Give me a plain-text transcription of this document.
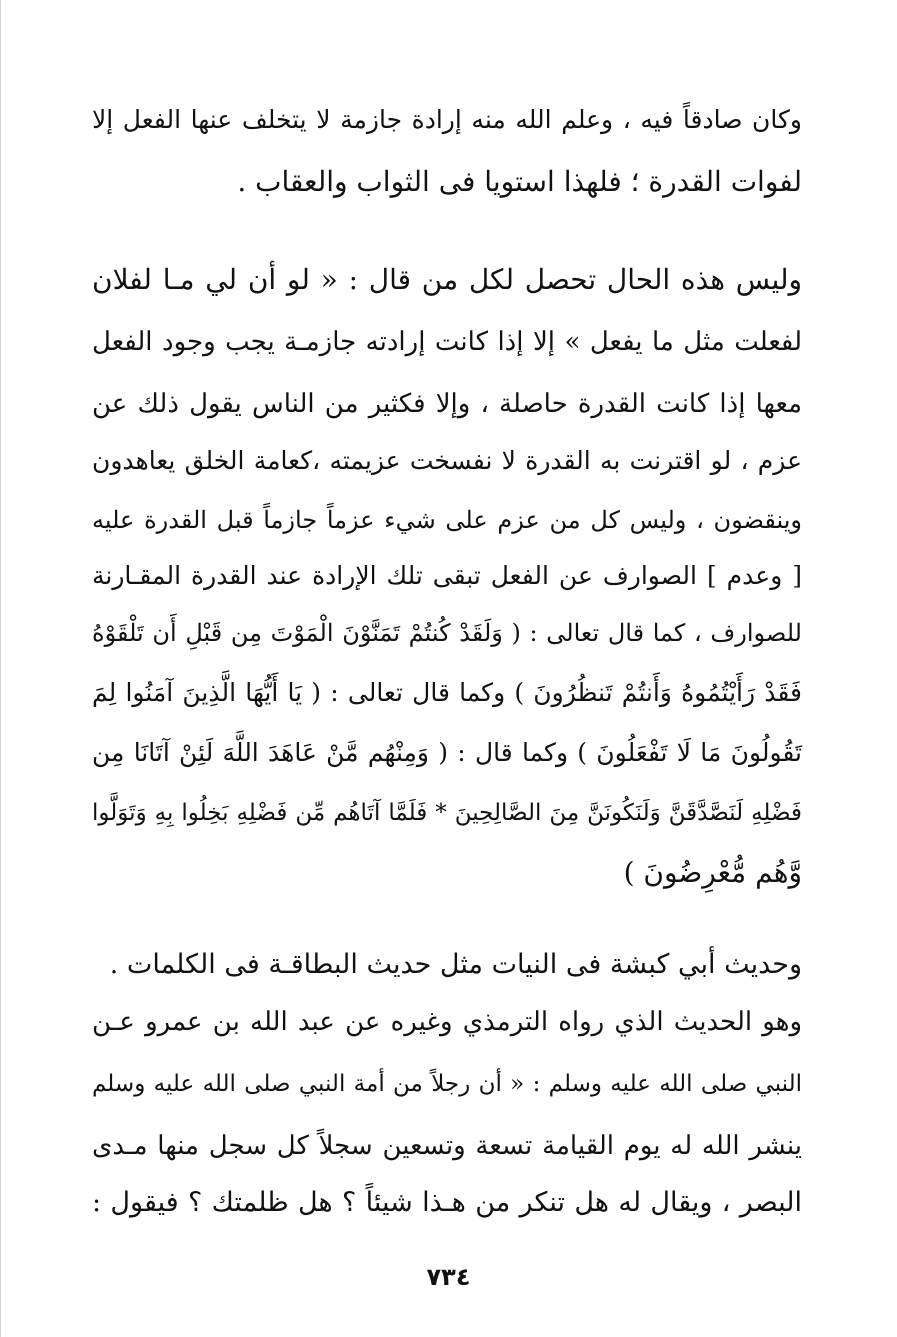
وكان صادقاً فيه ، وعلم الله منه إرادة جازمة لا يتخلف عنها الفعل إلا
لفوات القدرة ؛ فلهذا استويا فى الثواب والعقاب .
وليس هذه الحال تحصل لكل من قال : « لو أن لي مـا لفلان
لفعلت مثل ما يفعل » إلا إذا كانت إرادته جازمـة يجب وجود الفعل
معها إذا كانت القدرة حاصلة ، وإلا فكثير من الناس يقول ذلك عن
عزم ، لو اقترنت به القدرة لا نفسخت عزيمته ،كعامة الخلق يعاهدون
وينقضون ، وليس كل من عزم على شيء عزماً جازماً قبل القدرة عليه
[ وعدم ] الصوارف عن الفعل تبقى تلك الإرادة عند القدرة المقـارنة
للصوارف ، كما قال تعالى : ( وَلَقَدْ كُنتُمْ تَمَنَّوْنَ الْمَوْتَ مِن قَبْلِ أَن تَلْقَوْهُ
فَقَدْ رَأَيْتُمُوهُ وَأَنتُمْ تَنظُرُونَ ) وكما قال تعالى : ( يَا أَيُّهَا الَّذِينَ آمَنُوا لِمَ
تَقُولُونَ مَا لَا تَفْعَلُونَ ) وكما قال : ( وَمِنْهُم مَّنْ عَاهَدَ اللَّهَ لَئِنْ آتَانَا مِن
فَضْلِهِ لَنَصَّدَّقَنَّ وَلَنَكُونَنَّ مِنَ الصَّالِحِينَ * فَلَمَّا آتَاهُم مِّن فَضْلِهِ بَخِلُوا بِهِ وَتَوَلَّوا
وَّهُم مُّعْرِضُونَ )
وحديث أبي كبشة فى النيات مثل حديث البطاقـة فى الكلمات .
وهو الحديث الذي رواه الترمذي وغيره عن عبد الله بن عمرو عـن
النبي صلى الله عليه وسلم : « أن رجلاً من أمة النبي صلى الله عليه وسلم
ينشر الله له يوم القيامة تسعة وتسعين سجلاً كل سجل منها مـدى
البصر ، ويقال له هل تنكر من هـذا شيئاً ؟ هل ظلمتك ؟ فيقول :
٧٣٤
